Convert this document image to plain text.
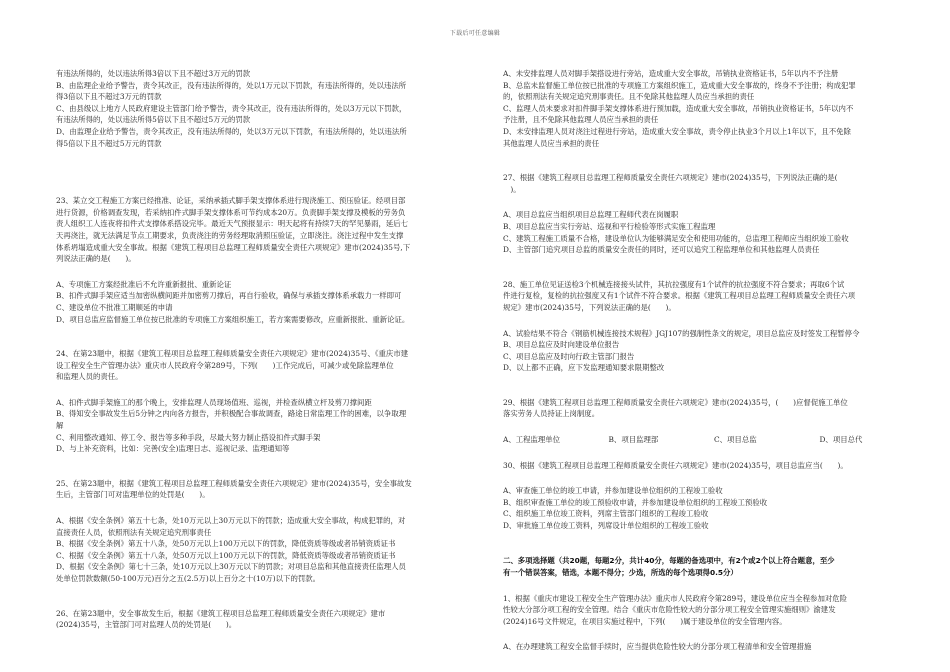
下载后可任意编辑
有违法所得的，处以违法所得3倍以下且不超过3万元的罚款
B、由监理企业给予警告，责令其改正，没有违法所得的，处以1万元以下罚款，有违法所得的，处以违法所
得3倍以下且不超过3万元的罚款
C、由县级以上地方人民政府建设主管部门给予警告，责令其改正，没有违法所得的，处以3万元以下罚款，
有违法所得的，处以违法所得5倍以下且不超过5万元的罚款
D、由监理企业给予警告，责令其改正，没有违法所得的，处以3万元以下罚款，有违法所得的，处以违法所
得5倍以下且不超过5万元的罚款
23、某立交工程施工方案已经推准、论证，采纳承插式脚手架支撑体系进行现浇施工、预压验证。经项目部
进行货源，价格调查发现，若采纳扣件式脚手架支撑体系可节约成本20万。负责脚手架支撑及模板的劳务负
责人组织工人连夜将扣件式支撑体系搭设完毕。最近天气预报显示：明天起将有持续7天的罕见暴雨，延后七
天再浇注，就无法满足节点工期要求，负责浇注的劳务经理取消照压验证，立即浇注。浇注过程中发生支撑
体系坍塌造成重大安全事故。根据《建筑工程项目总监理工程师质量安全责任六项规定》建市(2024)35号,下
列说法正确的是(　　)。
A、专项施工方案经批准后不允许重新报批、重新论证
B、扣件式脚手架应适当加密纵横间距并加密剪刀撑后，再自行验收，确保与承插支撑体系承载力一样即可
C、建设单位不批准工期顺延的申请
D、项目总监应监督施工单位按已批准的专项施工方案组织施工，若方案需要修改，应重新报批、重新论证。
24、在第23题中，根据《建筑工程项目总监理工程师质量安全责任六项规定》建市(2024)35号、《重庆市建
设工程安全生产管理办法》重庆市人民政府令第289号，下列(　　)工作完成后，可减少或免除监理单位
和监理人员的责任。
A、扣件式脚手架施工的那个晚上，安排监理人员现场值班、巡视，并检查纵横立杆及剪刀撑间距
B、得知安全事故发生后5分钟之内向各方报告，并积极配合事故调查，路途日常监理工作的困难，以争取理
解
C、利用整改通知、停工令、报告等多种手段，尽最大努力制止搭设扣件式脚手架
D、与上补充资料，比如：完善(安全)监理日志、巡视记录、监理通知等
25、在第23题中，根据《建筑工程项目总监理工程师质量安全责任六项规定》建市(2024)35号，安全事故发
生后，主管部门可对监理单位的处罚是(　　)。
A、根据《安全条例》第五十七条，处10万元以上30万元以下的罚款；造成重大安全事故，构成犯罪的，对
直接责任人员，依照刑法有关规定追究刑事责任
B、根据《安全条例》第五十八条，处50万元以上100万元以下的罚款，降低资质等级或者吊销资质证书
C、根据《安全条例》第五十八条，处50万元以上100万元以下的罚款，降低资质等级或者吊销资质证书
D、根据《安全条例》第七十三条，处10万元以上30万元以下的罚款；对项目总监和其他直接责任监理人员
处单位罚款数额(50-100万元)百分之五(2.5万)以上百分之十(10万)以下的罚款。
26、在第23题中，安全事故发生后，根据《建筑工程项目总监理工程师质量安全责任六项规定》建市
(2024)35号，主管部门可对监理人员的处罚是(　　)。
A、未安排监理人员对脚手架搭设进行旁站，造成重大安全事故，吊销执业资格证书，5年以内不予注册
B、总监未监督施工单位按已批准的专项施工方案组织施工，造成重大安全事故的，终身不予注册；构成犯罪
的，依照刑法有关规定追究刑事责任。且不免除其他监理人员应当承担的责任
C、监理人员未要求对扣件脚手架支撑体系进行预加载，造成重大安全事故，吊销执业资格证书，5年以内不
予注册，且不免除其他监理人员应当承担的责任
D、未安排监理人员对浇注过程进行旁站，造成重大安全事故，责令停止执业3个月以上1年以下，且不免除
其他监理人员应当承担的责任
27、根据《建筑工程项目总监理工程师质量安全责任六项规定》建市(2024)35号，下列说法正确的是(　
　)。
A、项目总监应当组织项目总监理工程师代表在岗履职
B、项目总监应当实行旁站、巡视和平行检验等形式实施工程监理
C、建筑工程施工质量不合格，建设单位认为能够满足安全和使用功能的，总监理工程师应当组织竣工验收
D、主管部门追究项目总监的质量安全责任的同时，还可以追究工程监理单位和其他监理人员责任
28、施工单位见证送检3个机械连接接头试件，其抗拉强度有1个试件的抗拉强度不符合要求；再取6个试
件进行复检，复检的抗拉强度又有1个试件不符合要求。根据《建筑工程项目总监理工程师质量安全责任六项
规定》建市(2024)35号，下列说法正确的是(　　)。
A、试验结果不符合《钢筋机械连接技术规程》JGJ107的强制性条文的规定，项目总监应及时签发工程暂停令
B、项目总监应及时向建设单位报告
C、项目总监应及时向行政主管部门报告
D、以上都不正确，应下发监理通知要求限期整改
29、根据《建筑工程项目总监理工程师质量安全责任六项规定》建市(2024)35号，(　　)应督促施工单位
落实劳务人员持证上岗制度。
A、工程监理单位	B、项目监理部	C、项目总监	D、项目总代
30、根据《建筑工程项目总监理工程师质量安全责任六项规定》建市(2024)35号，项目总监应当(　　)。
A、审查施工单位的竣工申请，并参加建设单位组织的工程竣工验收
B、组织审查施工单位的竣工预验收申请，并参加建设单位组织的工程竣工预验收
C、组织施工单位竣工资料，列席主管部门组织的工程竣工验收
D、审批施工单位竣工资料，列席设计单位组织的工程竣工验收
二、多项选择题（共20题，每题2分，共计40分，每题的备选项中，有2个或2个以上符合题意，至少
有一个错误答案，错选，本题不得分；少选，所选的每个选项得0.5分）
1、根据《重庆市建设工程安全生产管理办法》重庆市人民政府令第289号，建设单位应当全程参加对危险
性较大分部分项工程的安全管理。结合《重庆市危险性较大的分部分项工程安全管理实施细则》渝建发
(2024)16号文件规定，在项目实施过程中，下列(　　)属于建设单位的安全管理内容。
A、在办理建筑工程安全监督手续时，应当提供危险性较大的分部分项工程清单和安全管理措施
